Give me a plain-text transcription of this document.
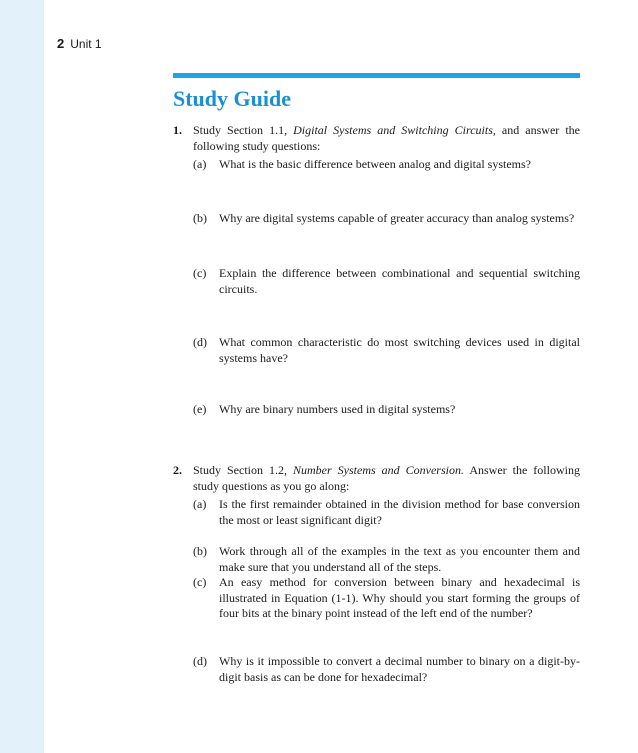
2 Unit 1
Study Guide
1. Study Section 1.1, Digital Systems and Switching Circuits, and answer the following study questions:
(a) What is the basic difference between analog and digital systems?
(b) Why are digital systems capable of greater accuracy than analog systems?
(c) Explain the difference between combinational and sequential switching circuits.
(d) What common characteristic do most switching devices used in digital systems have?
(e) Why are binary numbers used in digital systems?
2. Study Section 1.2, Number Systems and Conversion. Answer the following study questions as you go along:
(a) Is the first remainder obtained in the division method for base conversion the most or least significant digit?
(b) Work through all of the examples in the text as you encounter them and make sure that you understand all of the steps.
(c) An easy method for conversion between binary and hexadecimal is illustrated in Equation (1-1). Why should you start forming the groups of four bits at the binary point instead of the left end of the number?
(d) Why is it impossible to convert a decimal number to binary on a digit-by-digit basis as can be done for hexadecimal?
